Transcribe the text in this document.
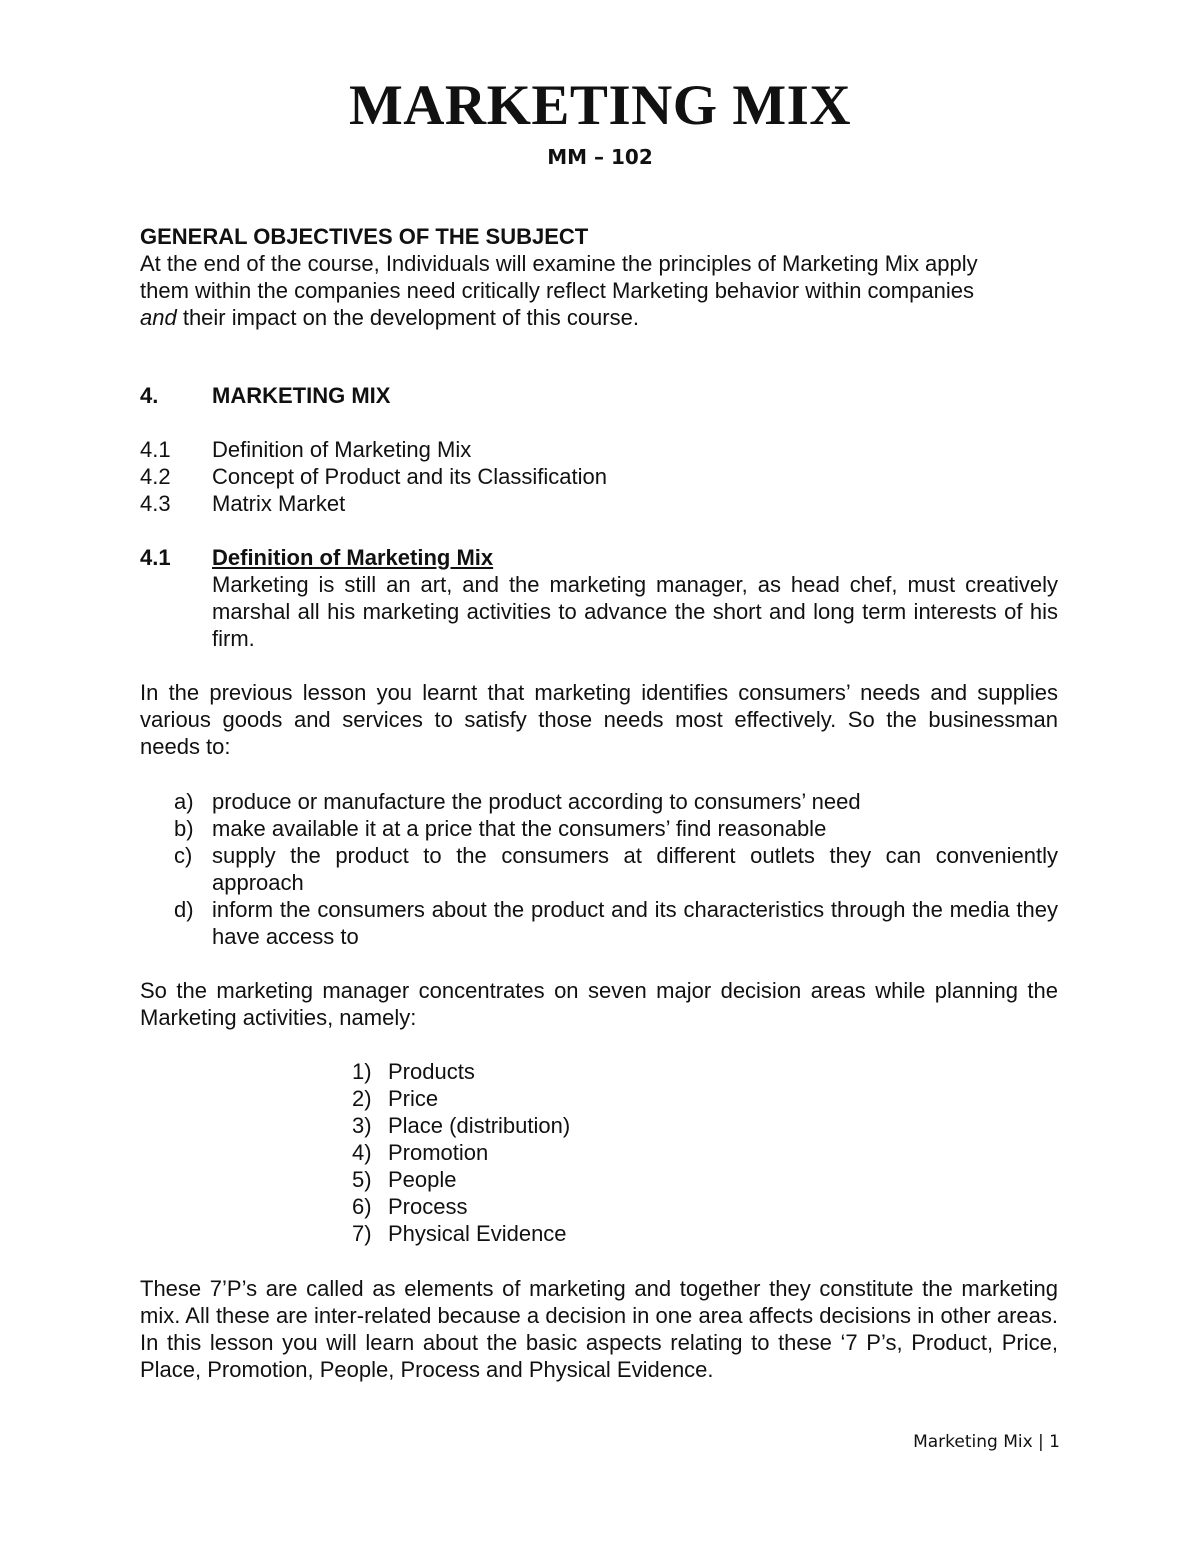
MARKETING MIX
MM – 102
GENERAL OBJECTIVES OF THE SUBJECT
At the end of the course, Individuals will examine the principles of Marketing Mix apply
them within the companies need critically reflect Marketing behavior within companies
and their impact on the development of this course.
4. MARKETING MIX
4.1 Definition of Marketing Mix
4.2 Concept of Product and its Classification
4.3 Matrix Market
4.1 Definition of Marketing Mix
Marketing is still an art, and the marketing manager, as head chef, must creatively marshal all his marketing activities to advance the short and long term interests of his firm.
In the previous lesson you learnt that marketing identifies consumers’ needs and supplies various goods and services to satisfy those needs most effectively. So the businessman needs to:
a) produce or manufacture the product according to consumers’ need
b) make available it at a price that the consumers’ find reasonable
c) supply the product to the consumers at different outlets they can conveniently approach
d) inform the consumers about the product and its characteristics through the media they have access to
So the marketing manager concentrates on seven major decision areas while planning the Marketing activities, namely:
1) Products
2) Price
3) Place (distribution)
4) Promotion
5) People
6) Process
7) Physical Evidence
These 7’P’s are called as elements of marketing and together they constitute the marketing mix. All these are inter-related because a decision in one area affects decisions in other areas. In this lesson you will learn about the basic aspects relating to these ‘7 P’s, Product, Price, Place, Promotion, People, Process and Physical Evidence.
Marketing Mix | 1
